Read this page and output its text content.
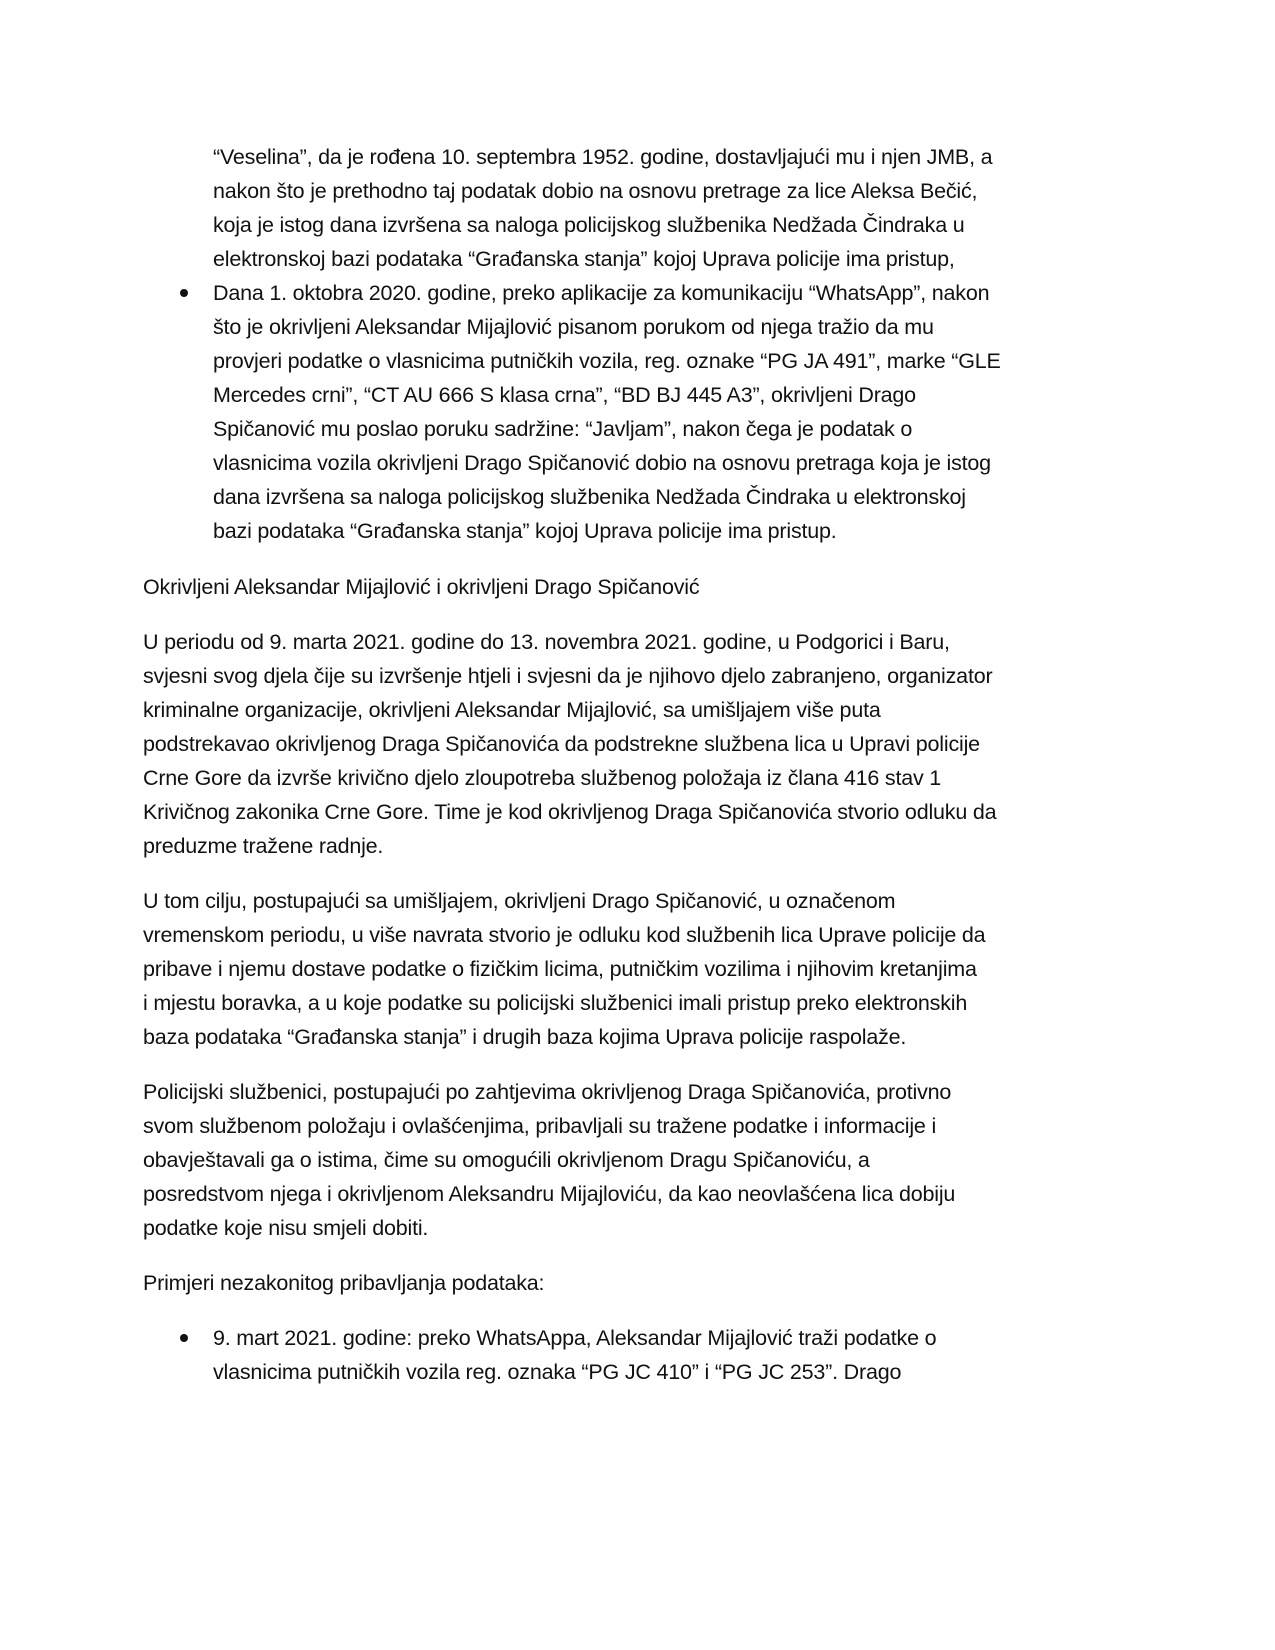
“Veselina”, da je rođena 10. septembra 1952. godine, dostavljajući mu i njen JMB, a
nakon što je prethodno taj podatak dobio na osnovu pretrage za lice Aleksa Bečić,
koja je istog dana izvršena sa naloga policijskog službenika Nedžada Čindraka u
elektronskoj bazi podataka “Građanska stanja” kojoj Uprava policije ima pristup,
Dana 1. oktobra 2020. godine, preko aplikacije za komunikaciju “WhatsApp”, nakon
što je okrivljeni Aleksandar Mijajlović pisanom porukom od njega tražio da mu
provjeri podatke o vlasnicima putničkih vozila, reg. oznake “PG JA 491”, marke “GLE
Mercedes crni”, “CT AU 666 S klasa crna”, “BD BJ 445 A3”, okrivljeni Drago
Spičanović mu poslao poruku sadržine: “Javljam”, nakon čega je podatak o
vlasnicima vozila okrivljeni Drago Spičanović dobio na osnovu pretraga koja je istog
dana izvršena sa naloga policijskog službenika Nedžada Čindraka u elektronskoj
bazi podataka “Građanska stanja” kojoj Uprava policije ima pristup.
Okrivljeni Aleksandar Mijajlović i okrivljeni Drago Spičanović
U periodu od 9. marta 2021. godine do 13. novembra 2021. godine, u Podgorici i Baru,
svjesni svog djela čije su izvršenje htjeli i svjesni da je njihovo djelo zabranjeno, organizator
kriminalne organizacije, okrivljeni Aleksandar Mijajlović, sa umišljajem više puta
podstrekavao okrivljenog Draga Spičanovića da podstrekne službena lica u Upravi policije
Crne Gore da izvrše krivično djelo zloupotreba službenog položaja iz člana 416 stav 1
Krivičnog zakonika Crne Gore. Time je kod okrivljenog Draga Spičanovića stvorio odluku da
preduzme tražene radnje.
U tom cilju, postupajući sa umišljajem, okrivljeni Drago Spičanović, u označenom
vremenskom periodu, u više navrata stvorio je odluku kod službenih lica Uprave policije da
pribave i njemu dostave podatke o fizičkim licima, putničkim vozilima i njihovim kretanjima
i mjestu boravka, a u koje podatke su policijski službenici imali pristup preko elektronskih
baza podataka “Građanska stanja” i drugih baza kojima Uprava policije raspolaže.
Policijski službenici, postupajući po zahtjevima okrivljenog Draga Spičanovića, protivno
svom službenom položaju i ovlašćenjima, pribavljali su tražene podatke i informacije i
obavještavali ga o istima, čime su omogućili okrivljenom Dragu Spičanoviću, a
posredstvom njega i okrivljenom Aleksandru Mijajloviću, da kao neovlašćena lica dobiju
podatke koje nisu smjeli dobiti.
Primjeri nezakonitog pribavljanja podataka:
9. mart 2021. godine: preko WhatsAppa, Aleksandar Mijajlović traži podatke o
vlasnicima putničkih vozila reg. oznaka “PG JC 410” i “PG JC 253”. Drago
